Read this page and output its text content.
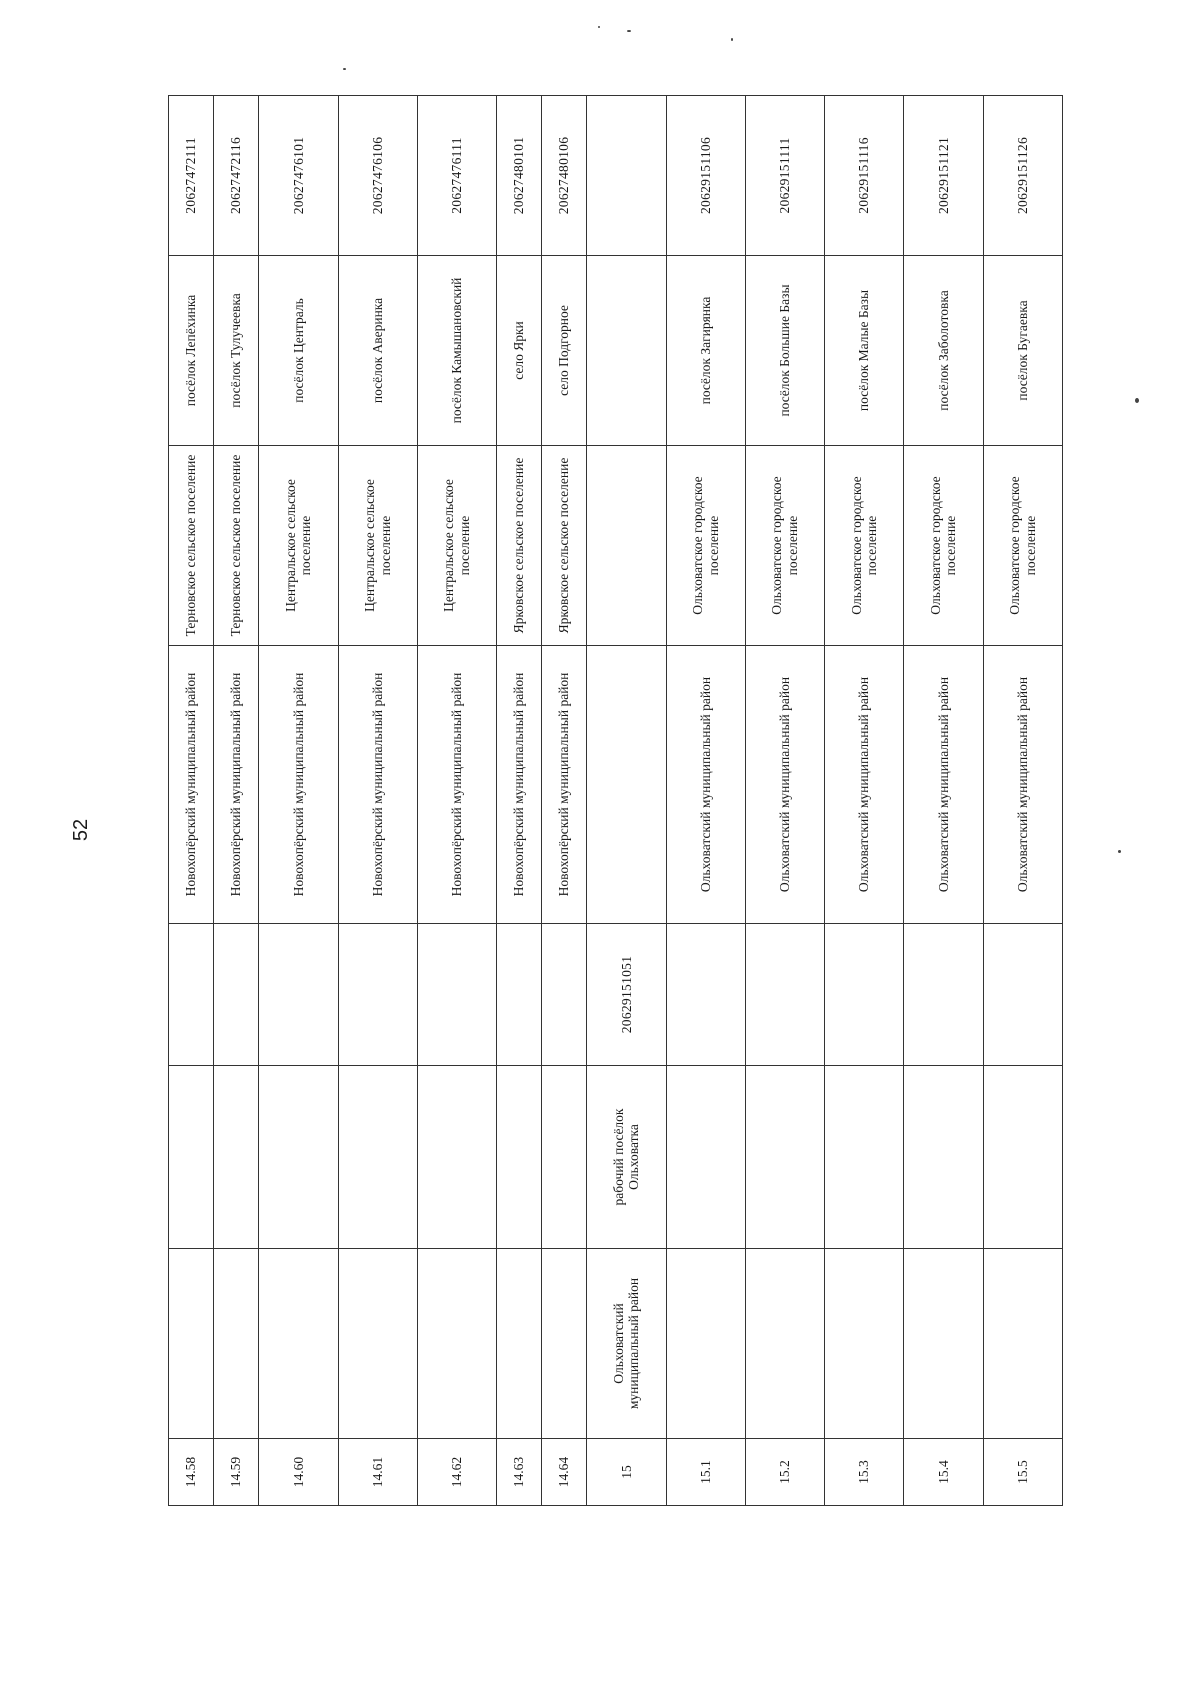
52
14.58				Новохопёрский муниципальный район	Терновское сельское поселение	посёлок Лепёхинка	20627472111
14.59				Новохопёрский муниципальный район	Терновское сельское поселение	посёлок Тулучеевка	20627472116
14.60				Новохопёрский муниципальный район	Центральское сельское поселение	посёлок Централь	20627476101
14.61				Новохопёрский муниципальный район	Центральское сельское поселение	посёлок Аверинка	20627476106
14.62				Новохопёрский муниципальный район	Центральское сельское поселение	посёлок Камышановский	20627476111
14.63				Новохопёрский муниципальный район	Ярковское сельское поселение	село Ярки	20627480101
14.64				Новохопёрский муниципальный район	Ярковское сельское поселение	село Подгорное	20627480106
15	Ольховатский муниципальный район	рабочий посёлок Ольховатка	20629151051				
15.1				Ольховатский муниципальный район	Ольховатское городское поселение	посёлок Загирянка	20629151106
15.2				Ольховатский муниципальный район	Ольховатское городское поселение	посёлок Большие Базы	20629151111
15.3				Ольховатский муниципальный район	Ольховатское городское поселение	посёлок Малые Базы	20629151116
15.4				Ольховатский муниципальный район	Ольховатское городское поселение	посёлок Заболотовка	20629151121
15.5				Ольховатский муниципальный район	Ольховатское городское поселение	посёлок Бугаевка	20629151126
